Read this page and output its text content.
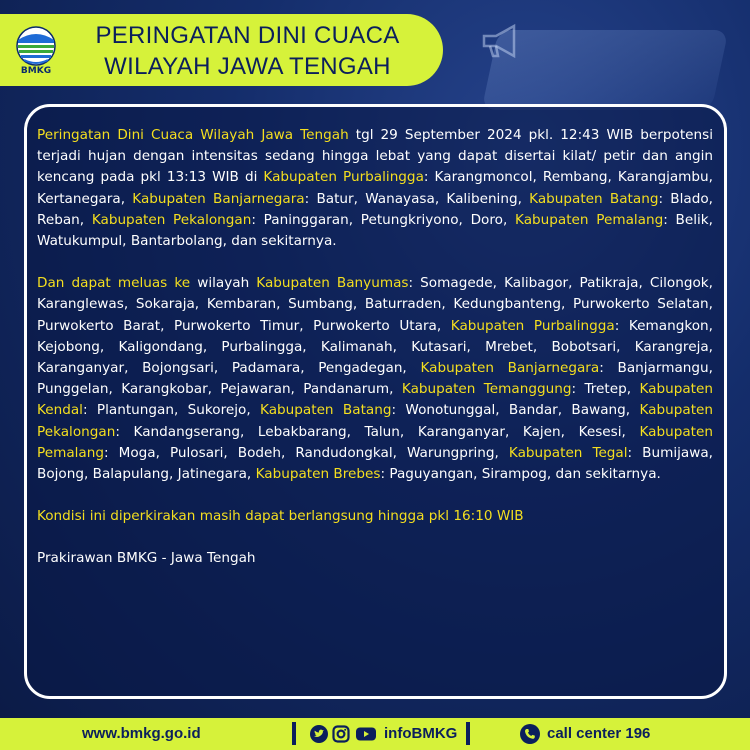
BMKG
PERINGATAN DINI CUACA
WILAYAH JAWA TENGAH

Peringatan Dini Cuaca Wilayah Jawa Tengah tgl 29 September 2024 pkl. 12:43 WIB berpotensi terjadi hujan dengan intensitas sedang hingga lebat yang dapat disertai kilat/ petir dan angin kencang pada pkl 13:13 WIB di Kabupaten Purbalingga: Karangmoncol, Rembang, Karangjambu, Kertanegara, Kabupaten Banjarnegara: Batur, Wanayasa, Kalibening, Kabupaten Batang: Blado, Reban, Kabupaten Pekalongan: Paninggaran, Petungkriyono, Doro, Kabupaten Pemalang: Belik, Watukumpul, Bantarbolang, dan sekitarnya.

Dan dapat meluas ke wilayah Kabupaten Banyumas: Somagede, Kalibagor, Patikraja, Cilongok, Karanglewas, Sokaraja, Kembaran, Sumbang, Baturraden, Kedungbanteng, Purwokerto Selatan, Purwokerto Barat, Purwokerto Timur, Purwokerto Utara, Kabupaten Purbalingga: Kemangkon, Kejobong, Kaligondang, Purbalingga, Kalimanah, Kutasari, Mrebet, Bobotsari, Karangreja, Karanganyar, Bojongsari, Padamara, Pengadegan, Kabupaten Banjarnegara: Banjarmangu, Punggelan, Karangkobar, Pejawaran, Pandanarum, Kabupaten Temanggung: Tretep, Kabupaten Kendal: Plantungan, Sukorejo, Kabupaten Batang: Wonotunggal, Bandar, Bawang, Kabupaten Pekalongan: Kandangserang, Lebakbarang, Talun, Karanganyar, Kajen, Kesesi, Kabupaten Pemalang: Moga, Pulosari, Bodeh, Randudongkal, Warungpring, Kabupaten Tegal: Bumijawa, Bojong, Balapulang, Jatinegara, Kabupaten Brebes: Paguyangan, Sirampog, dan sekitarnya.

Kondisi ini diperkirakan masih dapat berlangsung hingga pkl 16:10 WIB

Prakirawan BMKG - Jawa Tengah

www.bmkg.go.id	infoBMKG	call center 196
